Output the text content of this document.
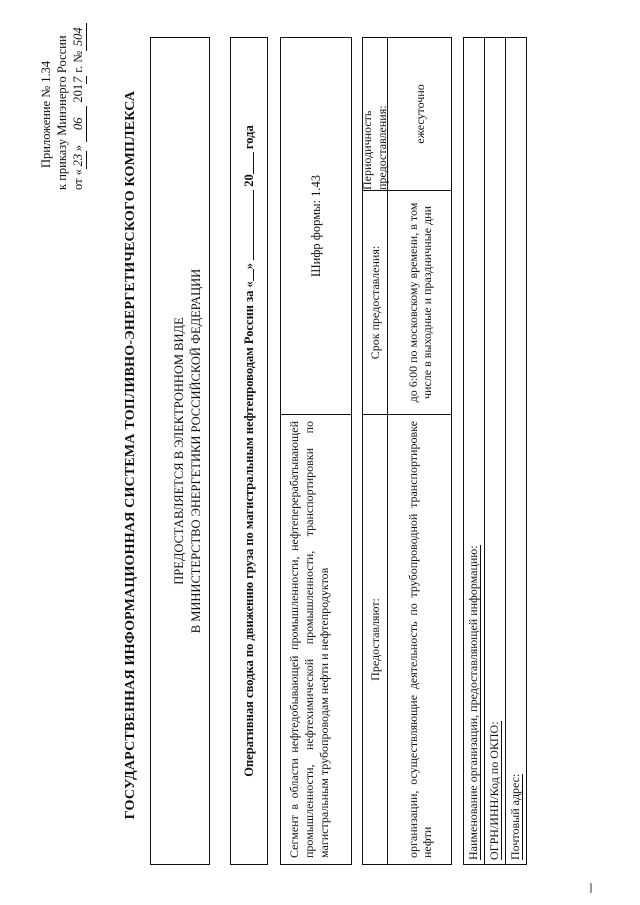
Приложение № 1.34 к приказу Минэнерго России от «23» 06 2017 г. №504
ГОСУДАРСТВЕННАЯ ИНФОРМАЦИОННАЯ СИСТЕМА ТОПЛИВНО-ЭНЕРГЕТИЧЕСКОГО КОМПЛЕКСА	ПРЕДОСТАВЛЯЕТСЯ В ЭЛЕКТРОННОМ ВИДЕ В МИНИСТЕРСТВО ЭНЕРГЕТИКИ РОССИЙСКОЙ ФЕДЕРАЦИИ	Оперативная сводка по движению груза по магистральным нефтепроводам России за «»  20 года
Сегмент в области нефтедобывающей промышленности, нефтеперерабатывающей промышленности, нефтехимической промышленности, транспортировки по магистральным трубопроводам нефти и нефтепродуктов
Шифр формы: 1.43
Предоставляют:
Срок предоставления:
Периодичность предоставления:
организации, осуществляющие деятельность по трубопроводной транспортировке нефти
до 6:00 по московскому времени, в том числе в выходные и праздничные дни
ежесуточно
Наименование организации, предоставляющей информацию: ОГРН/ИНН/Код по ОКПО: Почтовый адрес:
